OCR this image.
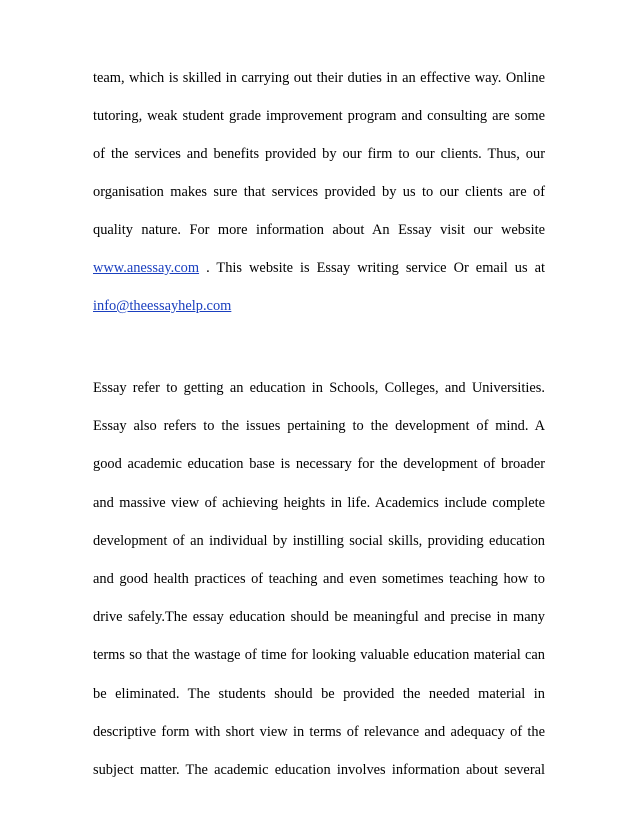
team, which is skilled in carrying out their duties in an effective way. Online
tutoring, weak student grade improvement program and consulting are some
of the services and benefits provided by our firm to our clients. Thus, our
organisation makes sure that services provided by us to our clients are of
quality nature. For more information about An Essay visit our website
www.anessay.com . This website is Essay writing service Or email us at
info@theessayhelp.com
Essay refer to getting an education in Schools, Colleges, and Universities.
Essay also refers to the issues pertaining to the development of mind. A
good academic education base is necessary for the development of broader
and massive view of achieving heights in life. Academics include complete
development of an individual by instilling social skills, providing education
and good health practices of teaching and even sometimes teaching how to
drive safely.The essay education should be meaningful and precise in many
terms so that the wastage of time for looking valuable education material can
be eliminated. The students should be provided the needed material in
descriptive form with short view in terms of relevance and adequacy of the
subject matter. The academic education involves information about several
